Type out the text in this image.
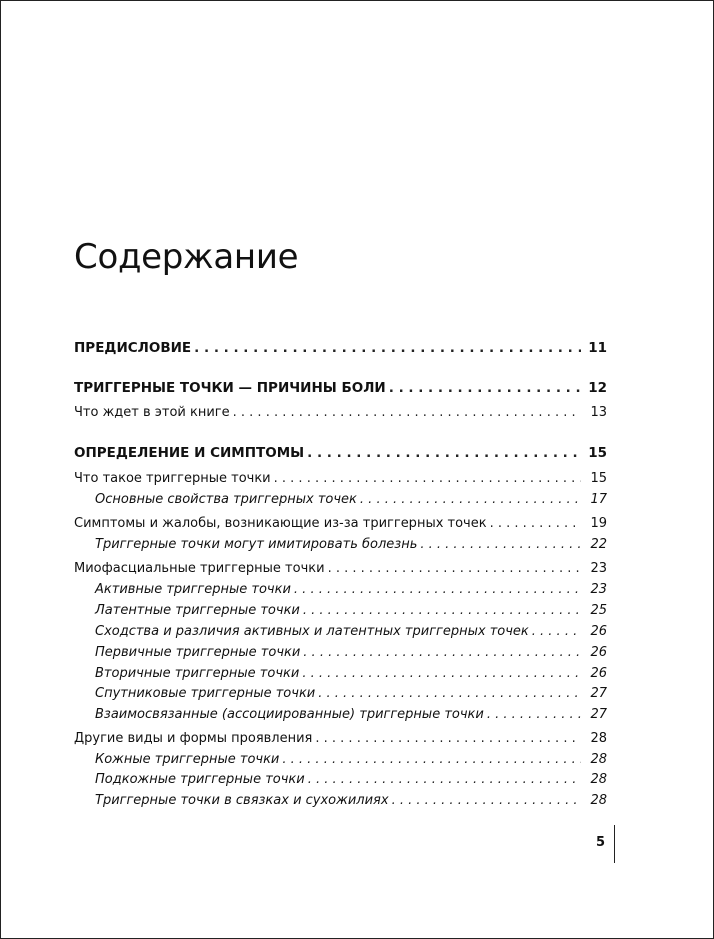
Содержание
ПРЕДИСЛОВИЕ . . .	11
ТРИГГЕРНЫЕ ТОЧКИ — ПРИЧИНЫ БОЛИ . . .	12
Что ждет в этой книге . . .	13
ОПРЕДЕЛЕНИЕ И СИМПТОМЫ . . .	15
Что такое триггерные точки . . .	15
Основные свойства триггерных точек . . .	17
Симптомы и жалобы, возникающие из-за триггерных точек . . .	19
Триггерные точки могут имитировать болезнь . . .	22
Миофасциальные триггерные точки . . .	23
Активные триггерные точки . . .	23
Латентные триггерные точки . . .	25
Сходства и различия активных и латентных триггерных точек . . .	26
Первичные триггерные точки . . .	26
Вторичные триггерные точки . . .	26
Спутниковые триггерные точки . . .	27
Взаимосвязанные (ассоциированные) триггерные точки . . .	27
Другие виды и формы проявления . . .	28
Кожные триггерные точки . . .	28
Подкожные триггерные точки . . .	28
Триггерные точки в связках и сухожилиях . . .	28
5
